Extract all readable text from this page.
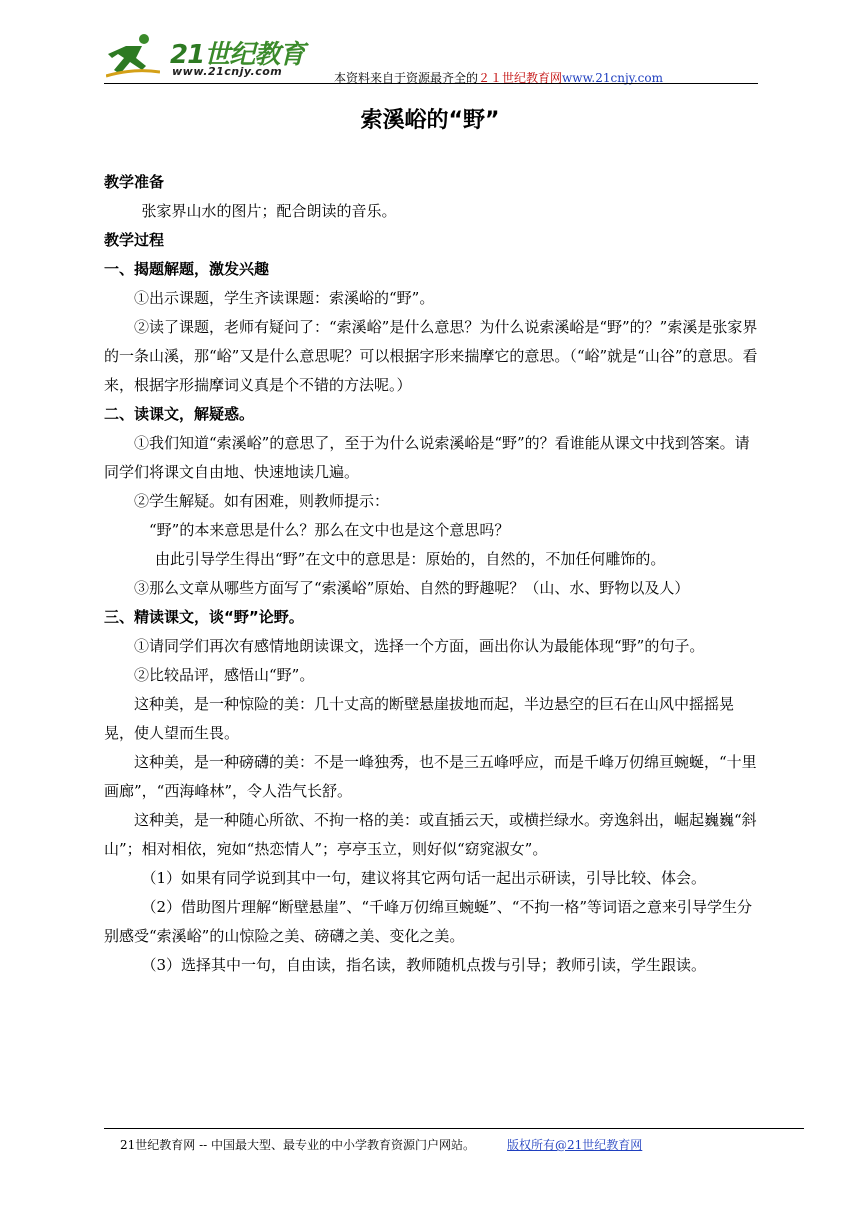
21世纪教育
www.21cnjy.com	本资料来自于资源最齐全的２１世纪教育网www.21cnjy.com
索溪峪的“野”

教学准备

张家界山水的图片；配合朗读的音乐。

教学过程

一、揭题解题，激发兴趣

①出示课题，学生齐读课题：索溪峪的“野”。

②读了课题，老师有疑问了：“索溪峪”是什么意思？为什么说索溪峪是“野”的？”索溪是张家界的一条山溪，那“峪”又是什么意思呢？可以根据字形来揣摩它的意思。（“峪”就是“山谷”的意思。看来，根据字形揣摩词义真是个不错的方法呢。）

二、读课文，解疑惑。

①我们知道“索溪峪”的意思了，至于为什么说索溪峪是“野”的？看谁能从课文中找到答案。请同学们将课文自由地、快速地读几遍。

②学生解疑。如有困难，则教师提示：

“野”的本来意思是什么？那么在文中也是这个意思吗？

由此引导学生得出“野”在文中的意思是：原始的，自然的，不加任何雕饰的。

③那么文章从哪些方面写了“索溪峪”原始、自然的野趣呢？（山、水、野物以及人）

三、精读课文，谈“野”论野。

①请同学们再次有感情地朗读课文，选择一个方面，画出你认为最能体现“野”的句子。

②比较品评，感悟山“野”。

这种美，是一种惊险的美：几十丈高的断壁悬崖拔地而起，半边悬空的巨石在山风中摇摇晃晃，使人望而生畏。

这种美，是一种磅礴的美：不是一峰独秀，也不是三五峰呼应，而是千峰万仞绵亘蜿蜒，“十里画廊”，“西海峰林”，令人浩气长舒。

这种美，是一种随心所欲、不拘一格的美：或直插云天，或横拦绿水。旁逸斜出，崛起巍巍“斜山”；相对相依，宛如“热恋情人”；亭亭玉立，则好似“窈窕淑女”。

（1）如果有同学说到其中一句，建议将其它两句话一起出示研读，引导比较、体会。

（2）借助图片理解“断壁悬崖”、“千峰万仞绵亘蜿蜒”、“不拘一格”等词语之意来引导学生分别感受“索溪峪”的山惊险之美、磅礴之美、变化之美。

（3）选择其中一句，自由读，指名读，教师随机点拨与引导；教师引读，学生跟读。

21世纪教育网 -- 中国最大型、最专业的中小学教育资源门户网站。	版权所有@21世纪教育网
